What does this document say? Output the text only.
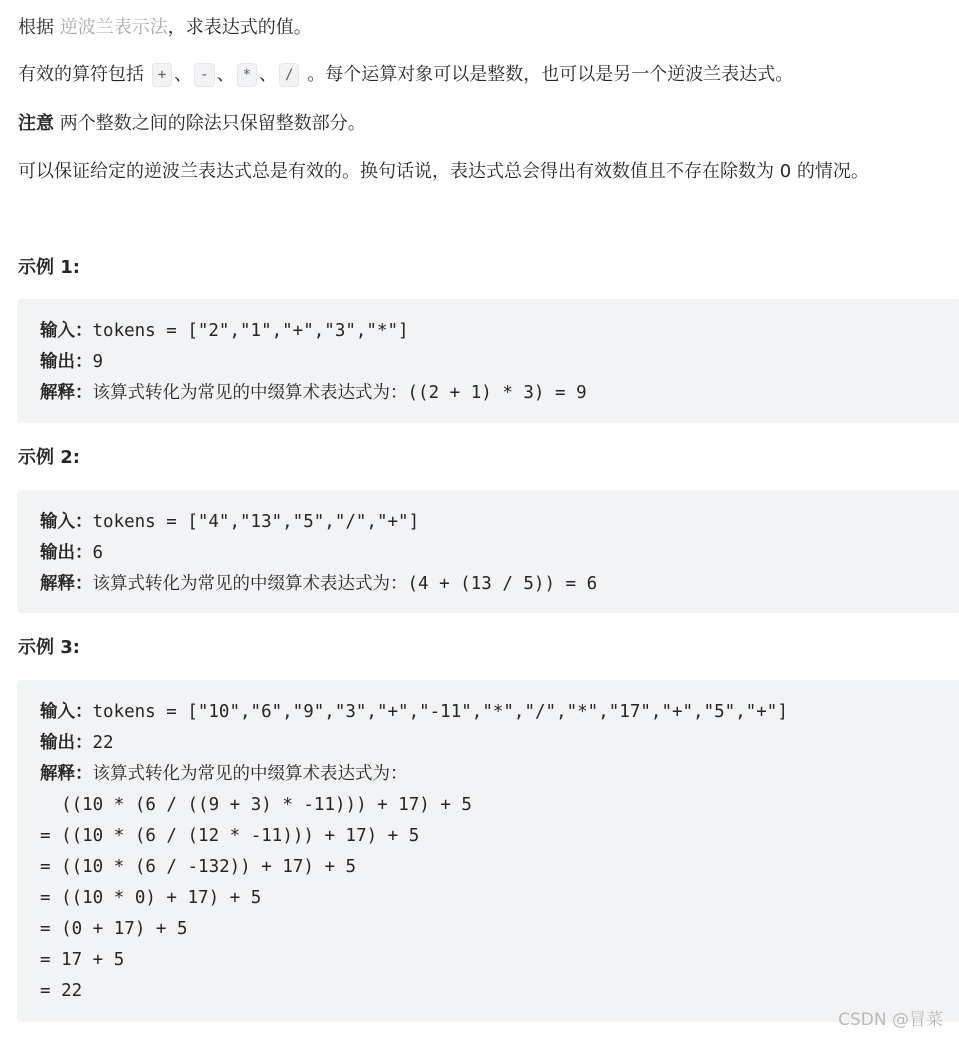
根据 逆波兰表示法，求表达式的值。
有效的算符包括 + 、 - 、 * 、 / 。每个运算对象可以是整数，也可以是另一个逆波兰表达式。
注意 两个整数之间的除法只保留整数部分。
可以保证给定的逆波兰表达式总是有效的。换句话说，表达式总会得出有效数值且不存在除数为 0 的情况。
示例 1:
输入：tokens = ["2","1","+","3","*"]
输出：9
解释：该算式转化为常见的中缀算术表达式为：((2 + 1) * 3) = 9
示例 2:
输入：tokens = ["4","13","5","/","+"]
输出：6
解释：该算式转化为常见的中缀算术表达式为：(4 + (13 / 5)) = 6
示例 3:
输入：tokens = ["10","6","9","3","+","-11","*","/","*","17","+","5","+"]
输出：22
解释：该算式转化为常见的中缀算术表达式为：
((10 * (6 / ((9 + 3) * -11))) + 17) + 5
= ((10 * (6 / (12 * -11))) + 17) + 5
= ((10 * (6 / -132)) + 17) + 5
= ((10 * 0) + 17) + 5
= (0 + 17) + 5
= 17 + 5
= 22
CSDN @冒菜
